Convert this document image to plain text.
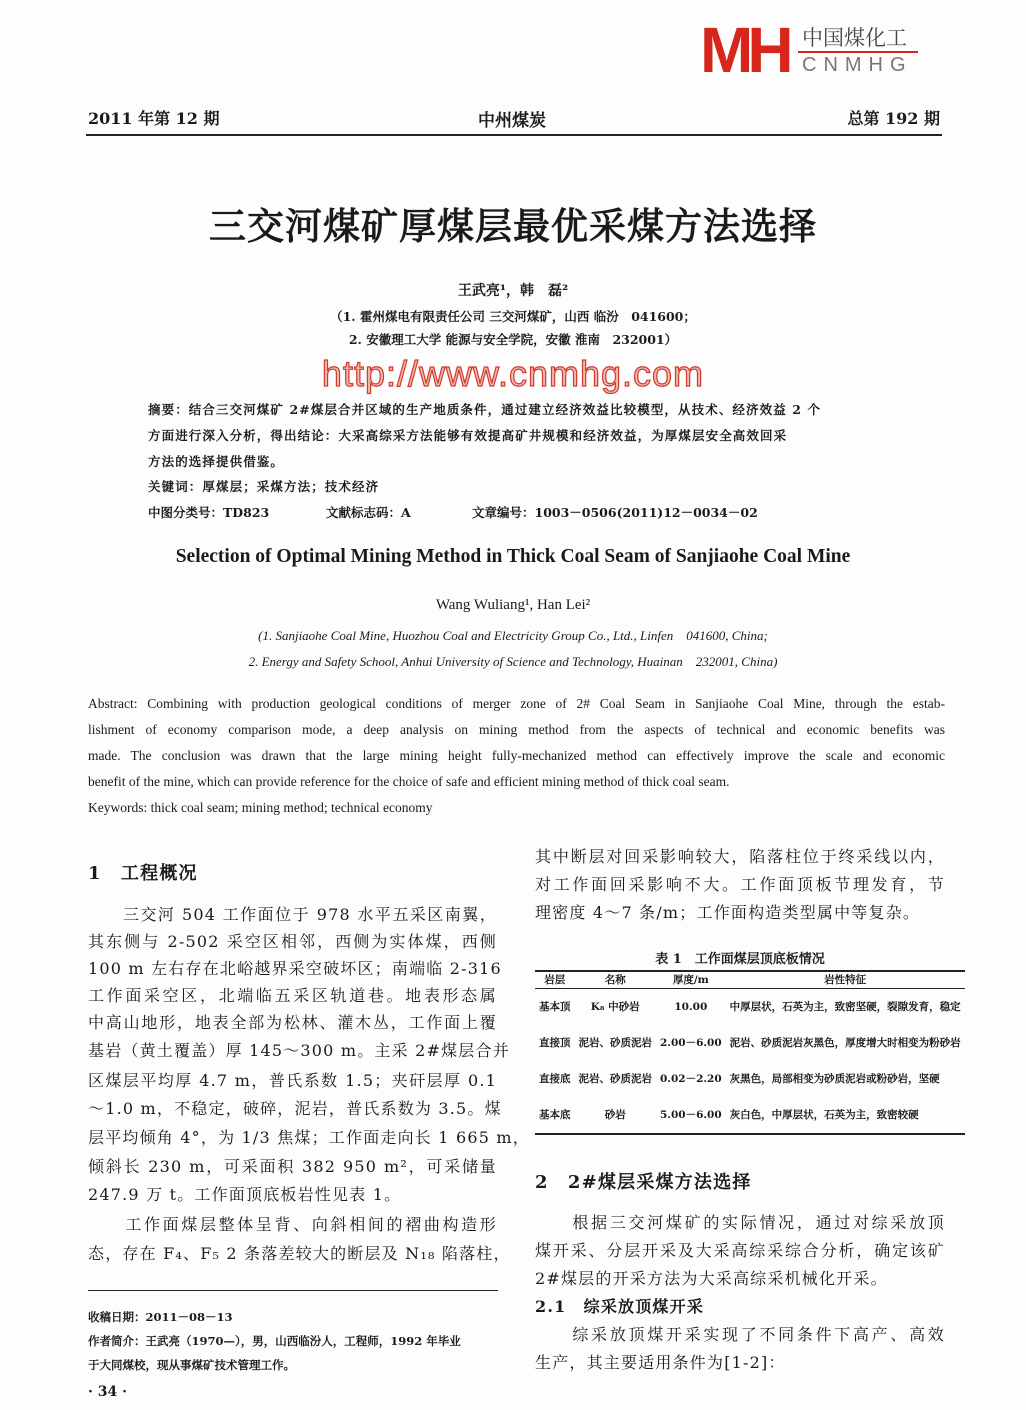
MH 中国煤化工
CNMHG
2011 年第 12 期	中州煤炭	总第 192 期
三交河煤矿厚煤层最优采煤方法选择
王武亮¹，韩　磊²
（1. 霍州煤电有限责任公司 三交河煤矿，山西 临汾　041600；
2. 安徽理工大学 能源与安全学院，安徽 淮南　232001）
http://www.cnmhg.com
摘要：结合三交河煤矿 2#煤层合并区域的生产地质条件，通过建立经济效益比较模型，从技术、经济效益 2 个
方面进行深入分析，得出结论：大采高综采方法能够有效提高矿井规模和经济效益，为厚煤层安全高效回采
方法的选择提供借鉴。
关键词：厚煤层；采煤方法；技术经济
中图分类号：TD823	文献标志码：A	文章编号：1003－0506(2011)12－0034－02
Selection of Optimal Mining Method in Thick Coal Seam of Sanjiaohe Coal Mine
Wang Wuliang¹, Han Lei²
(1. Sanjiaohe Coal Mine, Huozhou Coal and Electricity Group Co., Ltd., Linfen　041600, China;
2. Energy and Safety School, Anhui University of Science and Technology, Huainan　232001, China)
Abstract: Combining with production geological conditions of merger zone of 2# Coal Seam in Sanjiaohe Coal Mine, through the estab-
lishment of economy comparison mode, a deep analysis on mining method from the aspects of technical and economic benefits was
made. The conclusion was drawn that the large mining height fully-mechanized method can effectively improve the scale and economic
benefit of the mine, which can provide reference for the choice of safe and efficient mining method of thick coal seam.
Keywords: thick coal seam; mining method; technical economy
1　工程概况
　　三交河 504 工作面位于 978 水平五采区南翼，
其东侧与 2-502 采空区相邻，西侧为实体煤，西侧
100 m 左右存在北峪越界采空破坏区；南端临 2-316
工作面采空区，北端临五采区轨道巷。地表形态属
中高山地形，地表全部为松林、灌木丛，工作面上覆
基岩（黄土覆盖）厚 145～300 m。主采 2#煤层合并
区煤层平均厚 4.7 m，普氏系数 1.5；夹矸层厚 0.1
～1.0 m，不稳定，破碎，泥岩，普氏系数为 3.5。煤
层平均倾角 4°，为 1/3 焦煤；工作面走向长 1 665 m，
倾斜长 230 m，可采面积 382 950 m²，可采储量
247.9 万 t。工作面顶底板岩性见表 1。
　　工作面煤层整体呈背、向斜相间的褶曲构造形
态，存在 F₄、F₅ 2 条落差较大的断层及 N₁₈ 陷落柱，
收稿日期：2011－08－13
作者简介：王武亮（1970—），男，山西临汾人，工程师，1992 年毕业
于大同煤校，现从事煤矿技术管理工作。
· 34 ·
其中断层对回采影响较大，陷落柱位于终采线以内，
对工作面回采影响不大。工作面顶板节理发育，节
理密度 4～7 条/m；工作面构造类型属中等复杂。
表 1　工作面煤层顶底板情况
岩层	名称	厚度/m	岩性特征
基本顶	K₈ 中砂岩	10.00	中厚层状，石英为主，致密坚硬，裂隙发育，稳定
直接顶	泥岩、砂质泥岩	2.00－6.00	泥岩、砂质泥岩灰黑色，厚度增大时相变为粉砂岩
直接底	泥岩、砂质泥岩	0.02－2.20	灰黑色，局部相变为砂质泥岩或粉砂岩，坚硬
基本底	砂岩	5.00－6.00	灰白色，中厚层状，石英为主，致密较硬
2　2#煤层采煤方法选择
　　根据三交河煤矿的实际情况，通过对综采放顶
煤开采、分层开采及大采高综采综合分析，确定该矿
2#煤层的开采方法为大采高综采机械化开采。
2.1　综采放顶煤开采
　　综采放顶煤开采实现了不同条件下高产、高效
生产，其主要适用条件为[1-2]：
